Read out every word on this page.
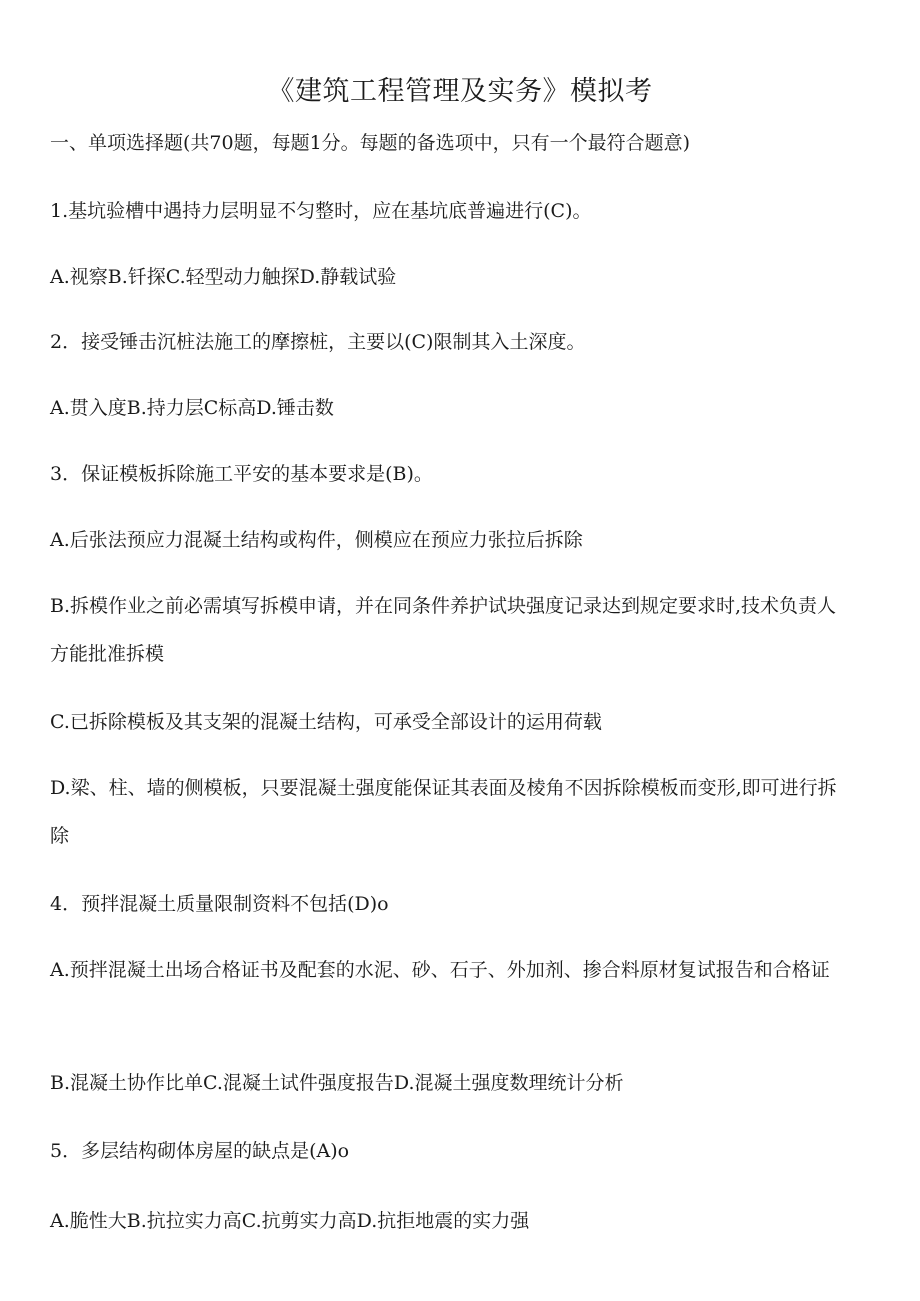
《建筑工程管理及实务》模拟考
一、单项选择题(共70题，每题1分。每题的备选项中，只有一个最符合题意)
1.基坑验槽中遇持力层明显不匀整时，应在基坑底普遍进行(C)。
A.视察B.钎探C.轻型动力触探D.静载试验
2．接受锤击沉桩法施工的摩擦桩，主要以(C)限制其入土深度。
A.贯入度B.持力层C标高D.锤击数
3．保证模板拆除施工平安的基本要求是(B)。
A.后张法预应力混凝土结构或构件，侧模应在预应力张拉后拆除
B.拆模作业之前必需填写拆模申请，并在同条件养护试块强度记录达到规定要求时,技术负责人方能批准拆模
C.已拆除模板及其支架的混凝土结构，可承受全部设计的运用荷载
D.梁、柱、墙的侧模板，只要混凝土强度能保证其表面及棱角不因拆除模板而变形,即可进行拆除
4．预拌混凝土质量限制资料不包括(D)o
A.预拌混凝土出场合格证书及配套的水泥、砂、石子、外加剂、掺合料原材复试报告和合格证
B.混凝土协作比单C.混凝土试件强度报告D.混凝土强度数理统计分析
5．多层结构砌体房屋的缺点是(A)o
A.脆性大B.抗拉实力高C.抗剪实力高D.抗拒地震的实力强
